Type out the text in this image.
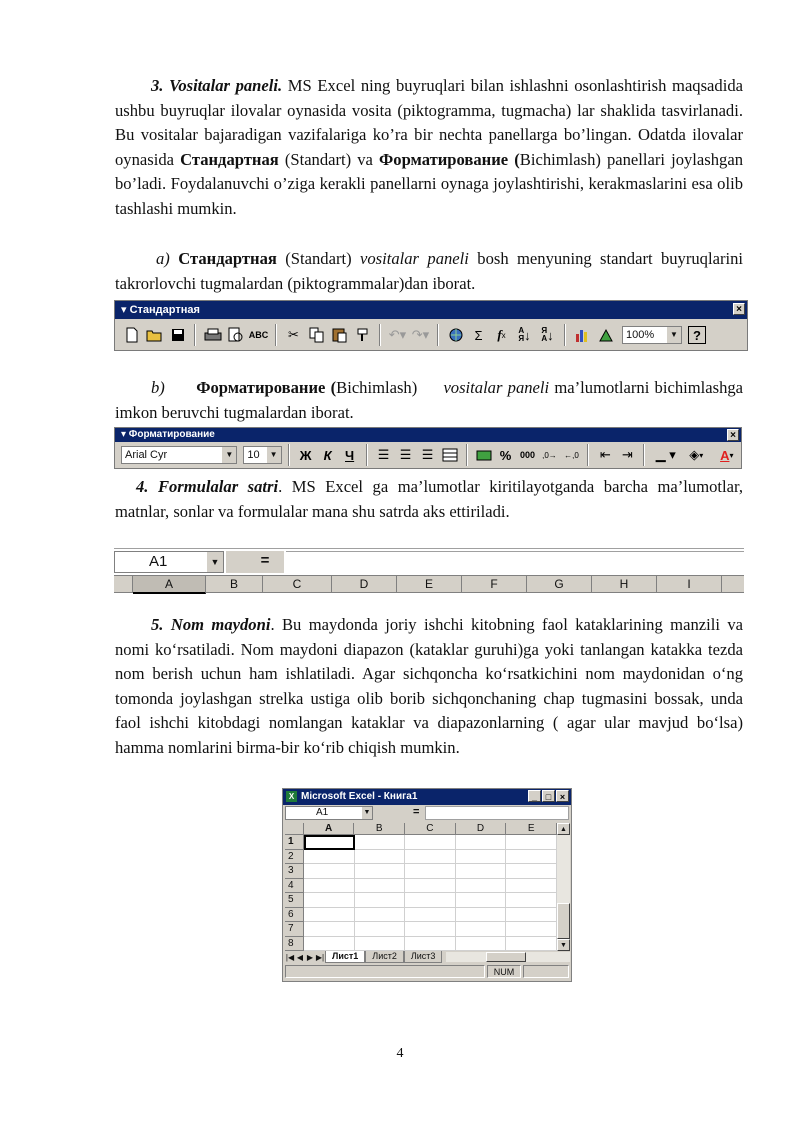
3. Vositalar paneli. MS Excel ning buyruqlari bilan ishlashni osonlashtirish maqsadida ushbu buyruqlar ilovalar oynasida vosita (piktogramma, tugmacha) lar shaklida tasvirlanadi. Bu vositalar bajaradigan vazifalariga ko’ra bir nechta panellarga bo’lingan. Odatda ilovalar oynasida Стандартная (Standart) va Форматирование (Bichimlash) panellari joylashgan bo’ladi. Foydalanuvchi o’ziga kerakli panellarni oynaga joylashtirishi, kerakmaslarini esa olib tashlashi mumkin.

a) Стандартная (Standart) vositalar paneli bosh menyuning standart buyruqlarini takrorlovchi tugmalardan (piktogrammalar)dan iborat.

▾ Стандартная	×
ABC	✂	↶▾ ↷▾	Σ	f x A
Я ↓	Я
A ↓	100%	▼	?

b) Форматирование (Bichimlash)     vositalar paneli ma’lumotlarni bichimlashga imkon beruvchi tugmalardan iborat.

▾ Форматирование	×
Arial Cyr	▼	10	▼	Ж К	Ч	☰ ☰ ☰	% 000 ,0→ ←,0	⇤ ⇥	▁ ▾	◈ ▾ A ▾

4. Formulalar satri. MS Excel ga ma’lumotlar kiritilayotganda barcha ma’lumotlar, matnlar, sonlar va formulalar mana shu satrda aks ettiriladi.

A1	▼	=
A	B	C	D	E	F	G	H	I

5. Nom maydoni. Bu maydonda joriy ishchi kitobning faol kataklarining manzili va nomi ko‘rsatiladi. Nom maydoni diapazon (kataklar guruhi)ga yoki tanlangan katakka tezda nom berish uchun ham ishlatiladi. Agar sichqoncha ko‘rsatkichini nom maydonidan o‘ng tomonda joylashgan strelka ustiga olib borib sichqonchaning chap tugmasini bossak, unda faol ishchi kitobdagi nomlangan kataklar va diapazonlarning ( agar ular mavjud bo‘lsa) hamma nomlarini birma-bir ko‘rib chiqish mumkin.

X Microsoft Excel - Книга1	_ □ ×
A1	▼	=
A	B	C	D	E
1
2
3
4
5
6
7
8
▲
▼
|◀ ◀ ▶ ▶| Лист1	Лист2	Лист3
NUM
4
